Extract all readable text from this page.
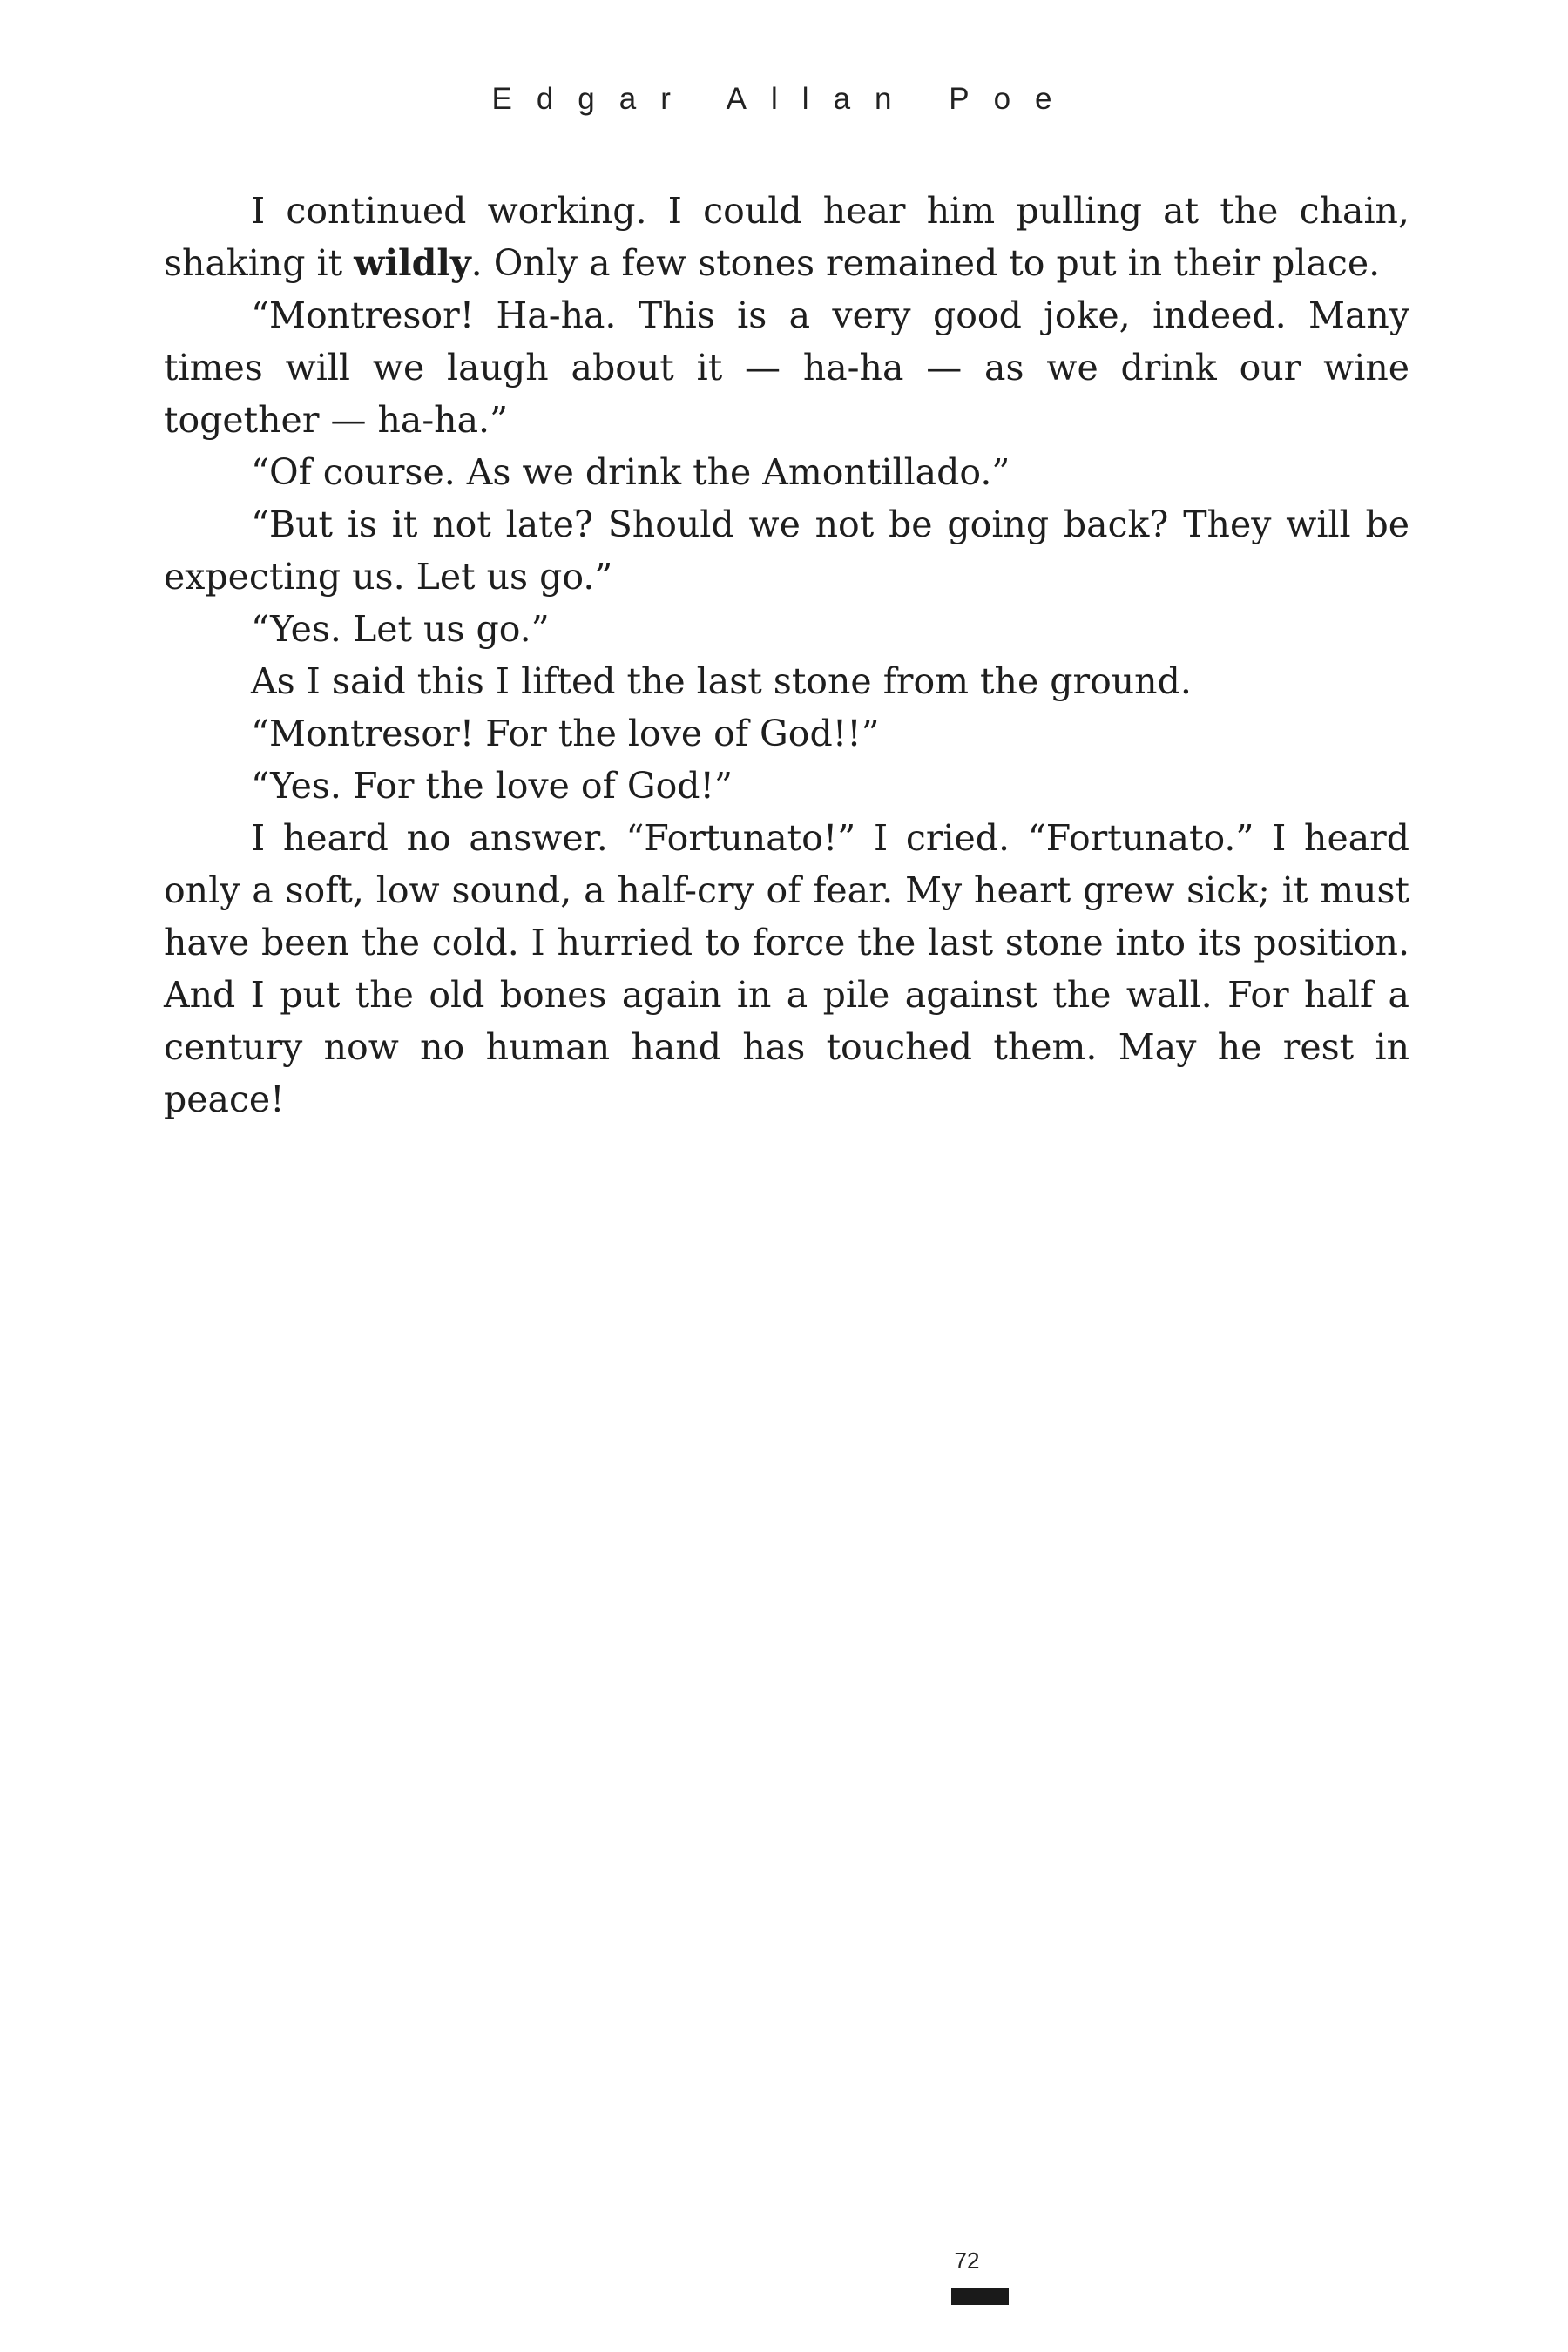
Edgar Allan Poe

I continued working. I could hear him pulling at the chain, shaking it wildly. Only a few stones remained to put in their place.

“Montresor! Ha-ha. This is a very good joke, indeed. Many times will we laugh about it — ha-ha — as we drink our wine together — ha-ha.”

“Of course. As we drink the Amontillado.”

“But is it not late? Should we not be going back? They will be expecting us. Let us go.”

“Yes. Let us go.”

As I said this I lifted the last stone from the ground.

“Montresor! For the love of God!!”

“Yes. For the love of God!”

I heard no answer. “Fortunato!” I cried. “Fortunato.” I heard only a soft, low sound, a half-cry of fear. My heart grew sick; it must have been the cold. I hurried to force the last stone into its position. And I put the old bones again in a pile against the wall. For half a century now no human hand has touched them. May he rest in peace!

72
